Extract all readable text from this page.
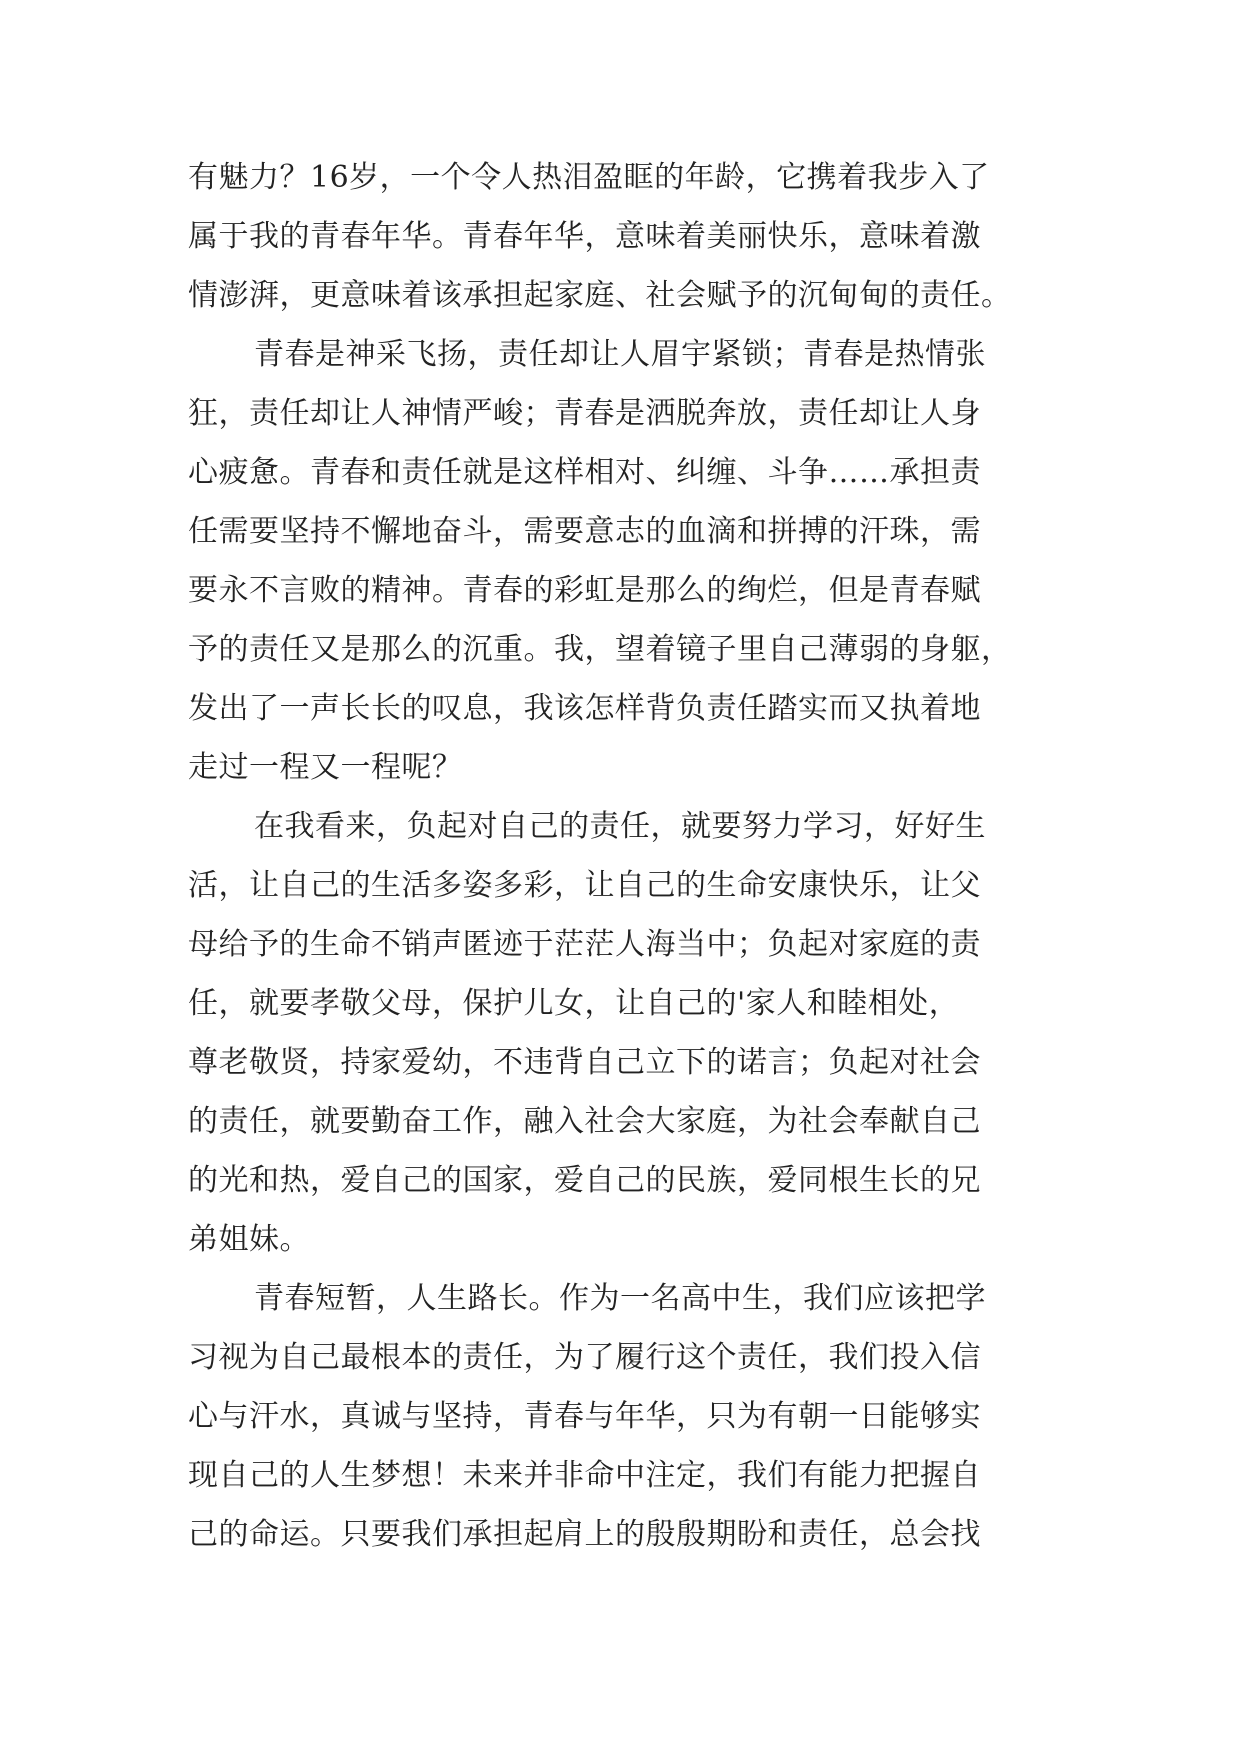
有魅力？16岁，一个令人热泪盈眶的年龄，它携着我步入了
属于我的青春年华。青春年华，意味着美丽快乐，意味着激
情澎湃，更意味着该承担起家庭、社会赋予的沉甸甸的责任。
青春是神采飞扬，责任却让人眉宇紧锁；青春是热情张
狂，责任却让人神情严峻；青春是洒脱奔放，责任却让人身
心疲惫。青春和责任就是这样相对、纠缠、斗争……承担责
任需要坚持不懈地奋斗，需要意志的血滴和拼搏的汗珠，需
要永不言败的精神。青春的彩虹是那么的绚烂，但是青春赋
予的责任又是那么的沉重。我，望着镜子里自己薄弱的身躯，
发出了一声长长的叹息，我该怎样背负责任踏实而又执着地
走过一程又一程呢？
在我看来，负起对自己的责任，就要努力学习，好好生
活，让自己的生活多姿多彩，让自己的生命安康快乐，让父
母给予的生命不销声匿迹于茫茫人海当中；负起对家庭的责
任，就要孝敬父母，保护儿女，让自己的'家人和睦相处，
尊老敬贤，持家爱幼，不违背自己立下的诺言；负起对社会
的责任，就要勤奋工作，融入社会大家庭，为社会奉献自己
的光和热，爱自己的国家，爱自己的民族，爱同根生长的兄
弟姐妹。
青春短暂，人生路长。作为一名高中生，我们应该把学
习视为自己最根本的责任，为了履行这个责任，我们投入信
心与汗水，真诚与坚持，青春与年华，只为有朝一日能够实
现自己的人生梦想！未来并非命中注定，我们有能力把握自
己的命运。只要我们承担起肩上的殷殷期盼和责任，总会找
